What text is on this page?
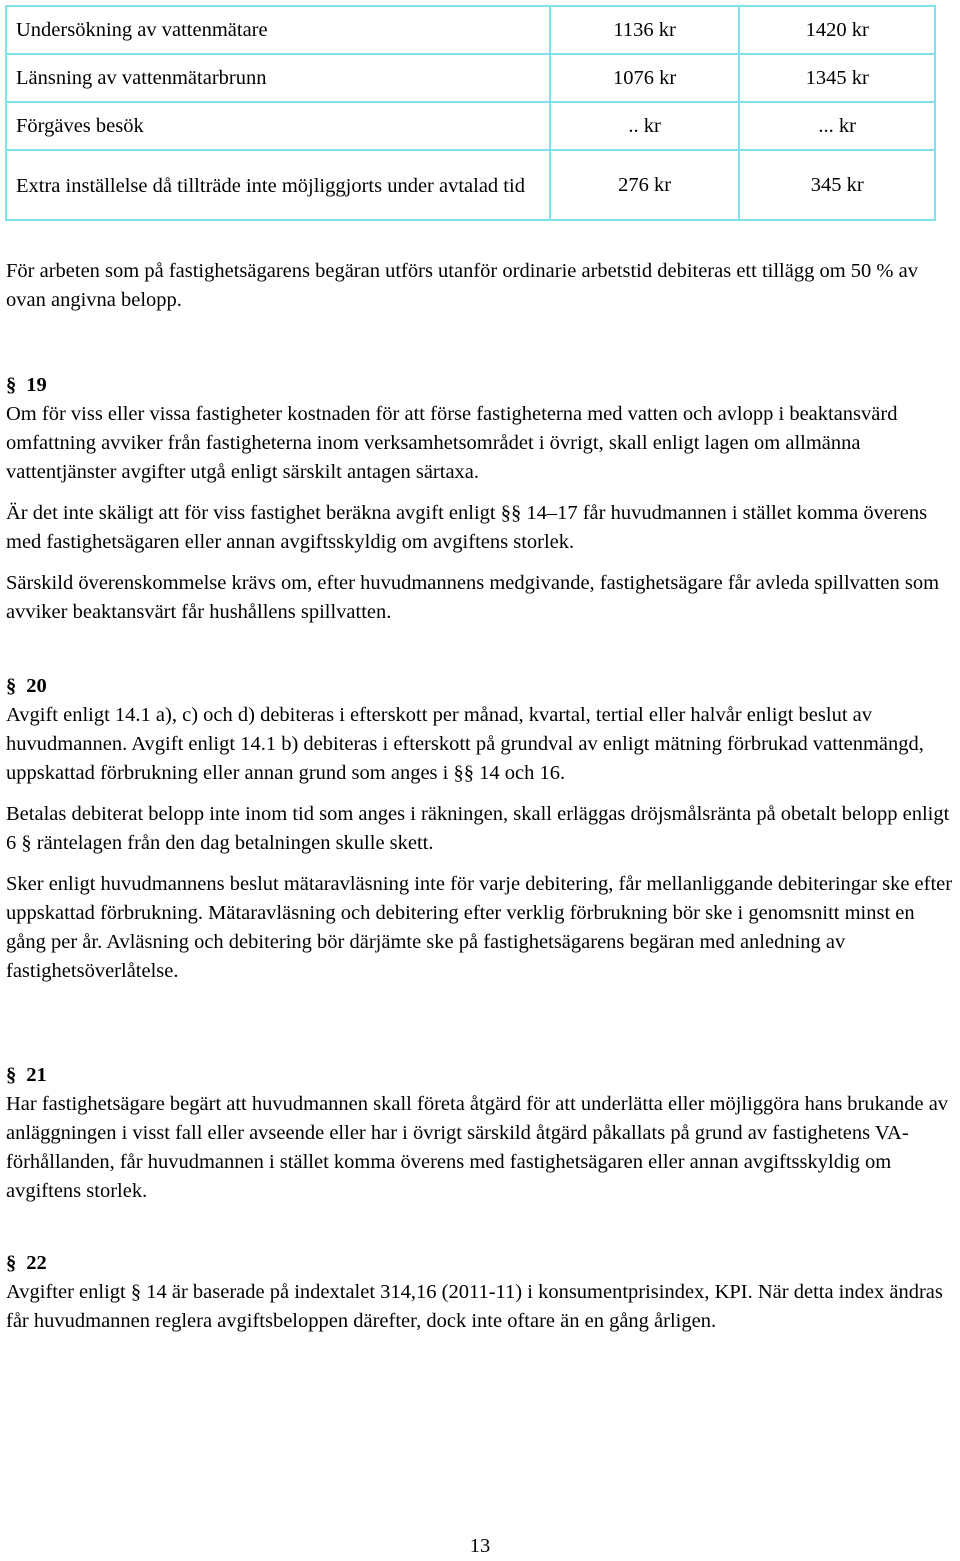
Undersökning av vattenmätare	1136 kr	1420 kr
Länsning av vattenmätarbrunn	1076 kr	1345 kr
Förgäves besök	.. kr	... kr
Extra inställelse då tillträde inte möjliggjorts under avtalad tid	276 kr	345 kr

För arbeten som på fastighetsägarens begäran utförs utanför ordinarie arbetstid debiteras ett tillägg om 50 % av ovan angivna belopp.

§ 19

Om för viss eller vissa fastigheter kostnaden för att förse fastigheterna med vatten och avlopp i beaktansvärd omfattning avviker från fastigheterna inom verksamhetsområdet i övrigt, skall enligt lagen om allmänna vattentjänster avgifter utgå enligt särskilt antagen särtaxa.

Är det inte skäligt att för viss fastighet beräkna avgift enligt §§ 14–17 får huvudmannen i stället komma överens med fastighetsägaren eller annan avgiftsskyldig om avgiftens storlek.

Särskild överenskommelse krävs om, efter huvudmannens medgivande, fastighetsägare får avleda spillvatten som avviker beaktansvärt får hushållens spillvatten.

§ 20

Avgift enligt 14.1 a), c) och d) debiteras i efterskott per månad, kvartal, tertial eller halvår enligt beslut av huvudmannen. Avgift enligt 14.1 b) debiteras i efterskott på grundval av enligt mätning förbrukad vattenmängd, uppskattad förbrukning eller annan grund som anges i §§ 14 och 16.

Betalas debiterat belopp inte inom tid som anges i räkningen, skall erläggas dröjsmålsränta på obetalt belopp enligt 6 § räntelagen från den dag betalningen skulle skett.

Sker enligt huvudmannens beslut mätaravläsning inte för varje debitering, får mellanliggande debiteringar ske efter uppskattad förbrukning. Mätaravläsning och debitering efter verklig förbrukning bör ske i genomsnitt minst en gång per år. Avläsning och debitering bör därjämte ske på fastighetsägarens begäran med anledning av fastighetsöverlåtelse.

§ 21

Har fastighetsägare begärt att huvudmannen skall företa åtgärd för att underlätta eller möjliggöra hans brukande av anläggningen i visst fall eller avseende eller har i övrigt särskild åtgärd påkallats på grund av fastighetens VA-förhållanden, får huvudmannen i stället komma överens med fastighetsägaren eller annan avgiftsskyldig om avgiftens storlek.

§ 22

Avgifter enligt § 14 är baserade på indextalet 314,16 (2011-11) i konsumentprisindex, KPI. När detta index ändras får huvudmannen reglera avgiftsbeloppen därefter, dock inte oftare än en gång årligen.

13
